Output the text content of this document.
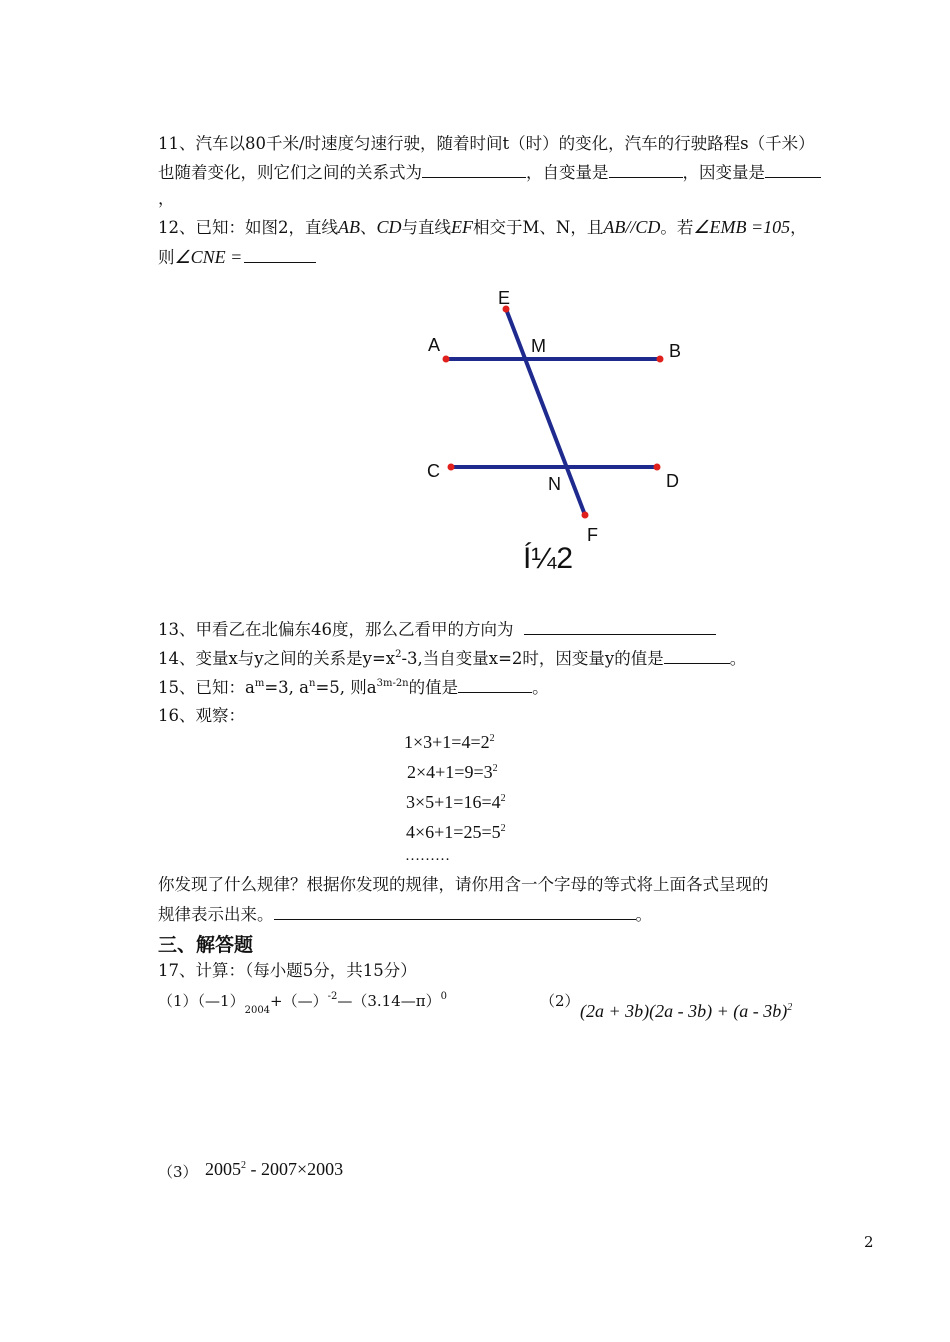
11、汽车以80千米/时速度匀速行驶，随着时间t（时）的变化，汽车的行驶路程s（千米）
也随着变化，则它们之间的关系式为	，自变量是	，因变量是
，
12、已知：如图2，直线AB、CD与直线EF相交于M、N，且AB//CD。若∠EMB =105，
则∠CNE =
E
A	M	B
C
N	D
F
Í¼2
13、甲看乙在北偏东46度，那么乙看甲的方向为
14、变量x与y之间的关系是$y=x^2-3$,当自变量x=2时，因变量y的值是	。
15、已知：$a^m=3$, $a^n=5$, 则$a^{3m-2n}$的值是	。
16、观察：
$1\times 3+1=4=2^2$
$2\times 4+1=9=3^2$
$3\times 5+1=16=4^2$
$4\times 6+1=25=5^2$
………
你发现了什么规律？根据你发现的规律，请你用含一个字母的等式将上面各式呈现的
规律表示出来。	。
三、解答题
17、计算：（每小题5分，共15分）
$(1)(—1)_{2004}+(—)^{-2}—(3.14—\pi)^0$	（2） (2a + 3b)(2a - 3b) + (a - 3b)$^2$
（3） 2005$^2$ - 2007×2003
2
